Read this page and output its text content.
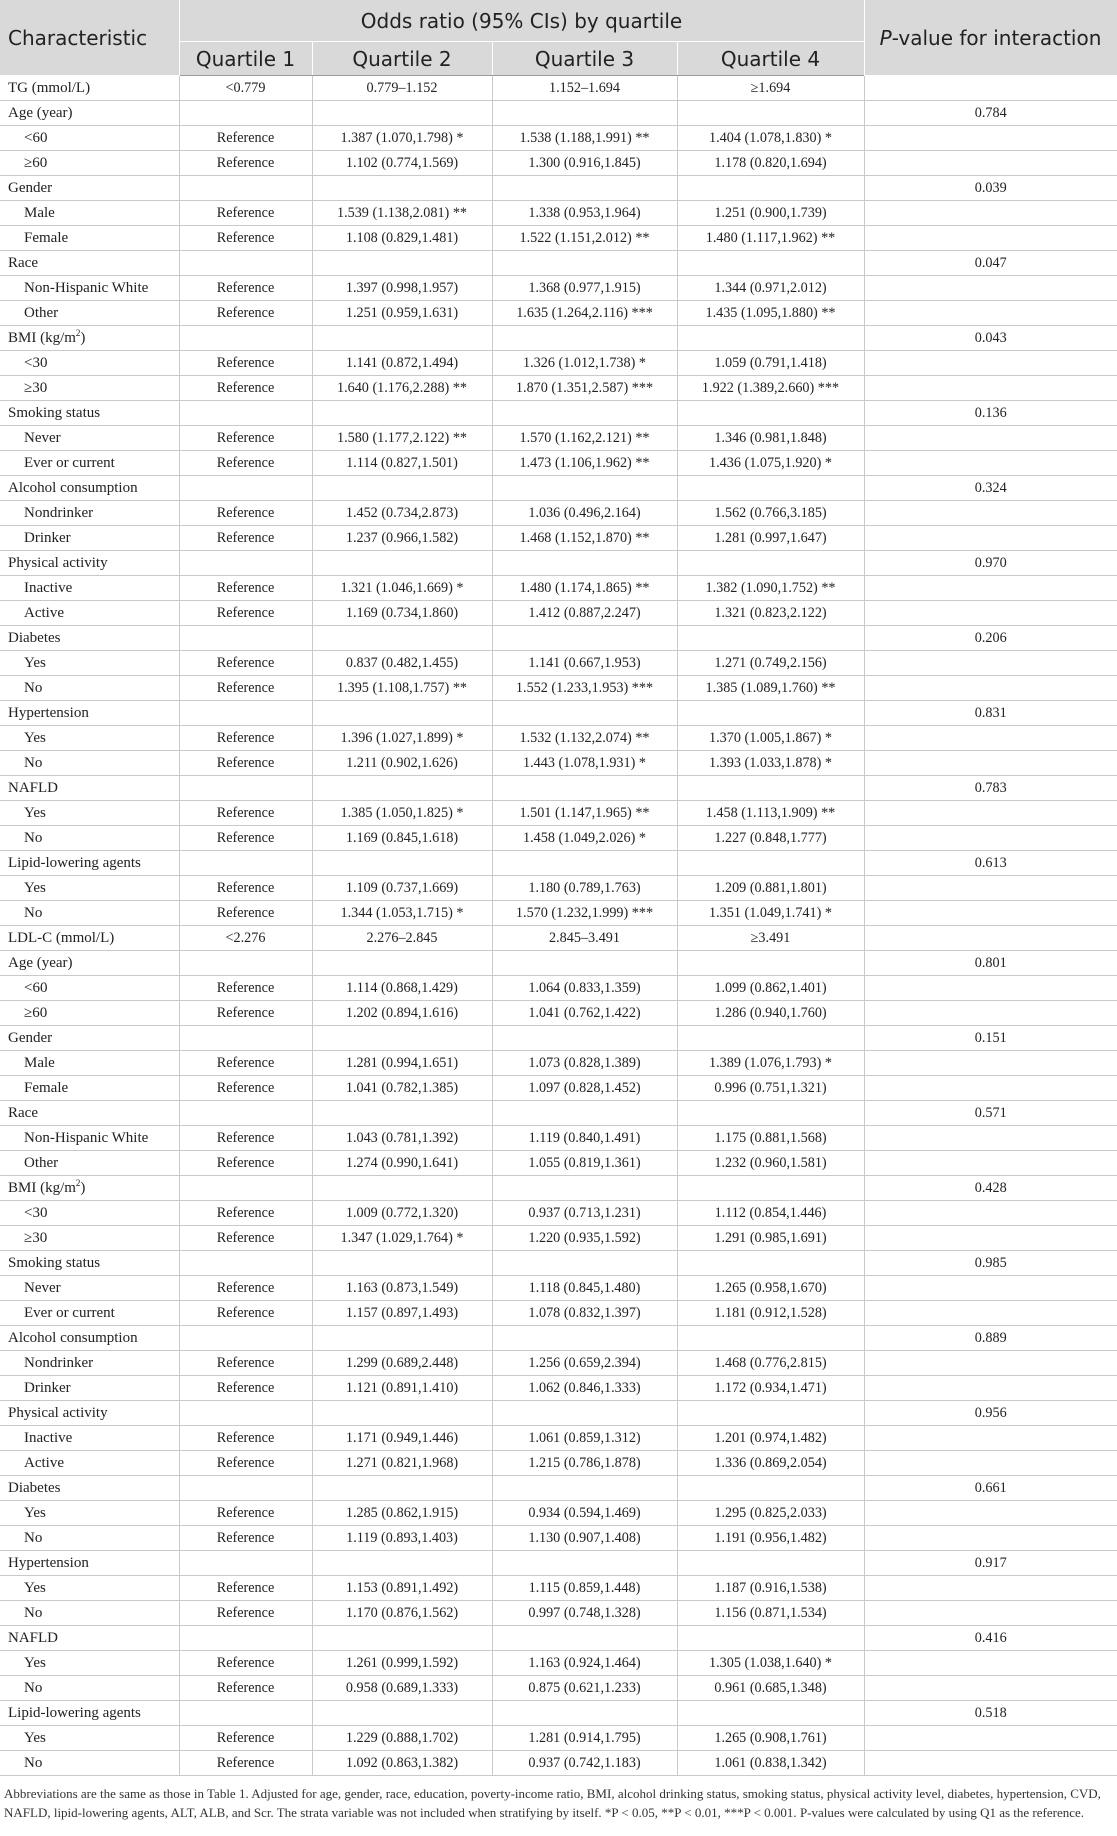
Characteristic	Odds ratio (95% CIs) by quartile				P-value for interaction
	Quartile 1	Quartile 2	Quartile 3	Quartile 4	
TG (mmol/L)	<0.779	0.779–1.152	1.152–1.694	≥1.694	
Age (year)					0.784
<60	Reference	1.387 (1.070,1.798) *	1.538 (1.188,1.991) **	1.404 (1.078,1.830) *	
≥60	Reference	1.102 (0.774,1.569)	1.300 (0.916,1.845)	1.178 (0.820,1.694)	
Gender					0.039
Male	Reference	1.539 (1.138,2.081) **	1.338 (0.953,1.964)	1.251 (0.900,1.739)	
Female	Reference	1.108 (0.829,1.481)	1.522 (1.151,2.012) **	1.480 (1.117,1.962) **	
Race					0.047
Non-Hispanic White	Reference	1.397 (0.998,1.957)	1.368 (0.977,1.915)	1.344 (0.971,2.012)	
Other	Reference	1.251 (0.959,1.631)	1.635 (1.264,2.116) ***	1.435 (1.095,1.880) **	
BMI $(kg/m^2)$					0.043
<30	Reference	1.141 (0.872,1.494)	1.326 (1.012,1.738) *	1.059 (0.791,1.418)	
≥30	Reference	1.640 (1.176,2.288) **	1.870 (1.351,2.587) ***	1.922 (1.389,2.660) ***	
Smoking status					0.136
Never	Reference	1.580 (1.177,2.122) **	1.570 (1.162,2.121) **	1.346 (0.981,1.848)	
Ever or current	Reference	1.114 (0.827,1.501)	1.473 (1.106,1.962) **	1.436 (1.075,1.920) *	
Alcohol consumption					0.324
Nondrinker	Reference	1.452 (0.734,2.873)	1.036 (0.496,2.164)	1.562 (0.766,3.185)	
Drinker	Reference	1.237 (0.966,1.582)	1.468 (1.152,1.870) **	1.281 (0.997,1.647)	
Physical activity					0.970
Inactive	Reference	1.321 (1.046,1.669) *	1.480 (1.174,1.865) **	1.382 (1.090,1.752) **	
Active	Reference	1.169 (0.734,1.860)	1.412 (0.887,2.247)	1.321 (0.823,2.122)	
Diabetes					0.206
Yes	Reference	0.837 (0.482,1.455)	1.141 (0.667,1.953)	1.271 (0.749,2.156)	
No	Reference	1.395 (1.108,1.757) **	1.552 (1.233,1.953) ***	1.385 (1.089,1.760) **	
Hypertension					0.831
Yes	Reference	1.396 (1.027,1.899) *	1.532 (1.132,2.074) **	1.370 (1.005,1.867) *	
No	Reference	1.211 (0.902,1.626)	1.443 (1.078,1.931) *	1.393 (1.033,1.878) *	
NAFLD					0.783
Yes	Reference	1.385 (1.050,1.825) *	1.501 (1.147,1.965) **	1.458 (1.113,1.909) **	
No	Reference	1.169 (0.845,1.618)	1.458 (1.049,2.026) *	1.227 (0.848,1.777)	
Lipid-lowering agents					0.613
Yes	Reference	1.109 (0.737,1.669)	1.180 (0.789,1.763)	1.209 (0.881,1.801)	
No	Reference	1.344 (1.053,1.715) *	1.570 (1.232,1.999) ***	1.351 (1.049,1.741) *	
LDL-C (mmol/L)	<2.276	2.276–2.845	2.845–3.491	≥3.491	
Age (year)					0.801
<60	Reference	1.114 (0.868,1.429)	1.064 (0.833,1.359)	1.099 (0.862,1.401)	
≥60	Reference	1.202 (0.894,1.616)	1.041 (0.762,1.422)	1.286 (0.940,1.760)	
Gender					0.151
Male	Reference	1.281 (0.994,1.651)	1.073 (0.828,1.389)	1.389 (1.076,1.793) *	
Female	Reference	1.041 (0.782,1.385)	1.097 (0.828,1.452)	0.996 (0.751,1.321)	
Race					0.571
Non-Hispanic White	Reference	1.043 (0.781,1.392)	1.119 (0.840,1.491)	1.175 (0.881,1.568)	
Other	Reference	1.274 (0.990,1.641)	1.055 (0.819,1.361)	1.232 (0.960,1.581)	
BMI $(kg/m^2)$					0.428
<30	Reference	1.009 (0.772,1.320)	0.937 (0.713,1.231)	1.112 (0.854,1.446)	
≥30	Reference	1.347 (1.029,1.764) *	1.220 (0.935,1.592)	1.291 (0.985,1.691)	
Smoking status					0.985
Never	Reference	1.163 (0.873,1.549)	1.118 (0.845,1.480)	1.265 (0.958,1.670)	
Ever or current	Reference	1.157 (0.897,1.493)	1.078 (0.832,1.397)	1.181 (0.912,1.528)	
Alcohol consumption					0.889
Nondrinker	Reference	1.299 (0.689,2.448)	1.256 (0.659,2.394)	1.468 (0.776,2.815)	
Drinker	Reference	1.121 (0.891,1.410)	1.062 (0.846,1.333)	1.172 (0.934,1.471)	
Physical activity					0.956
Inactive	Reference	1.171 (0.949,1.446)	1.061 (0.859,1.312)	1.201 (0.974,1.482)	
Active	Reference	1.271 (0.821,1.968)	1.215 (0.786,1.878)	1.336 (0.869,2.054)	
Diabetes					0.661
Yes	Reference	1.285 (0.862,1.915)	0.934 (0.594,1.469)	1.295 (0.825,2.033)	
No	Reference	1.119 (0.893,1.403)	1.130 (0.907,1.408)	1.191 (0.956,1.482)	
Hypertension					0.917
Yes	Reference	1.153 (0.891,1.492)	1.115 (0.859,1.448)	1.187 (0.916,1.538)	
No	Reference	1.170 (0.876,1.562)	0.997 (0.748,1.328)	1.156 (0.871,1.534)	
NAFLD					0.416
Yes	Reference	1.261 (0.999,1.592)	1.163 (0.924,1.464)	1.305 (1.038,1.640) *	
No	Reference	0.958 (0.689,1.333)	0.875 (0.621,1.233)	0.961 (0.685,1.348)	
Lipid-lowering agents					0.518
Yes	Reference	1.229 (0.888,1.702)	1.281 (0.914,1.795)	1.265 (0.908,1.761)	
No	Reference	1.092 (0.863,1.382)	0.937 (0.742,1.183)	1.061 (0.838,1.342)	
Abbreviations are the same as those in Table 1. Adjusted for age, gender, race, education, poverty-income ratio, BMI, alcohol drinking status, smoking status, physical activity level, diabetes, hypertension, CVD, NAFLD, lipid-lowering agents, ALT, ALB, and Scr. The strata variable was not included when stratifying by itself. *P < 0.05, **P < 0.01, ***P < 0.001. P-values were calculated by using Q1 as the reference.
